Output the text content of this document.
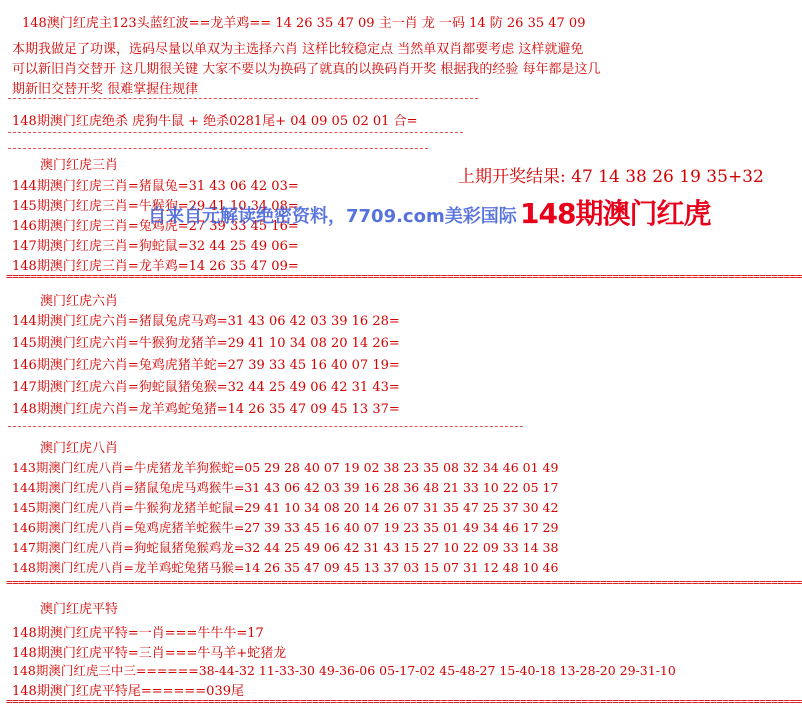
148澳门红虎主123头蓝红波==龙羊鸡== 14 26 35 47 09 主一肖 龙 一码 14 防 26 35 47 09
本期我做足了功课，选码尽量以单双为主选择六肖 这样比较稳定点 当然单双肖都要考虑 这样就避免
可以新旧肖交替开 这几期很关键 大家不要以为换码了就真的以换码肖开奖 根据我的经验 每年都是这几
期新旧交替开奖 很难掌握住规律
148期澳门红虎绝杀 虎狗牛鼠 + 绝杀0281尾+ 04 09 05 02 01 合=
澳门红虎三肖
144期澳门红虎三肖=猪鼠兔=31 43 06 42 03=
145期澳门红虎三肖=牛猴狗=29 41 10 34 08=
146期澳门红虎三肖=兔鸡虎=27 39 33 45 16=
147期澳门红虎三肖=狗蛇鼠=32 44 25 49 06=
148期澳门红虎三肖=龙羊鸡=14 26 35 47 09=
上期开奖结果: 47 14 38 26 19 35+32
148期澳门红虎
自来自元解读绝密资料，7709.com美彩国际
==================================================================================================================================
澳门红虎六肖
144期澳门红虎六肖=猪鼠兔虎马鸡=31 43 06 42 03 39 16 28=
145期澳门红虎六肖=牛猴狗龙猪羊=29 41 10 34 08 20 14 26=
146期澳门红虎六肖=兔鸡虎猪羊蛇=27 39 33 45 16 40 07 19=
147期澳门红虎六肖=狗蛇鼠猪兔猴=32 44 25 49 06 42 31 43=
148期澳门红虎六肖=龙羊鸡蛇兔猪=14 26 35 47 09 45 13 37=
澳门红虎八肖
143期澳门红虎八肖=牛虎猪龙羊狗猴蛇=05 29 28 40 07 19 02 38 23 35 08 32 34 46 01 49
144期澳门红虎八肖=猪鼠兔虎马鸡猴牛=31 43 06 42 03 39 16 28 36 48 21 33 10 22 05 17
145期澳门红虎八肖=牛猴狗龙猪羊蛇鼠=29 41 10 34 08 20 14 26 07 31 35 47 25 37 30 42
146期澳门红虎八肖=兔鸡虎猪羊蛇猴牛=27 39 33 45 16 40 07 19 23 35 01 49 34 46 17 29
147期澳门红虎八肖=狗蛇鼠猪兔猴鸡龙=32 44 25 49 06 42 31 43 15 27 10 22 09 33 14 38
148期澳门红虎八肖=龙羊鸡蛇兔猪马猴=14 26 35 47 09 45 13 37 03 15 07 31 12 48 10 46
==================================================================================================================================
澳门红虎平特
148期澳门红虎平特=一肖===牛牛牛=17
148期澳门红虎平特=三肖===牛马羊+蛇猪龙
148期澳门红虎三中三======38-44-32 11-33-30 49-36-06 05-17-02 45-48-27 15-40-18 13-28-20 29-31-10
148期澳门红虎平特尾======039尾
==================================================================================================================================
